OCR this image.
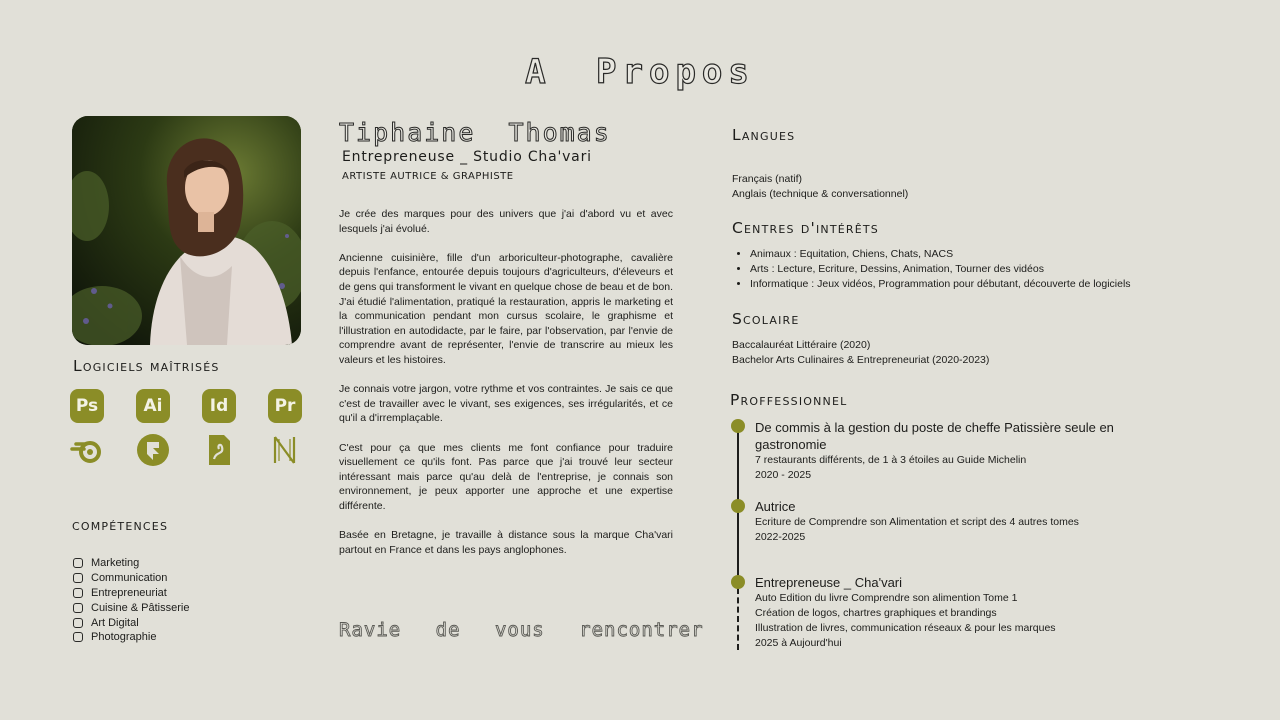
A Propos
Logiciels maîtrisés
Ps	Ai	Id	Pr
compétences
Marketing
Communication
Entrepreneuriat
Cuisine & Pâtisserie
Art Digital
Photographie
Tiphaine Thomas
Entrepreneuse _ Studio Cha'vari
ARTISTE AUTRICE & GRAPHISTE

Je crée des marques pour des univers que j'ai d'abord vu et avec lesquels j'ai évolué.

Ancienne cuisinière, fille d'un arboriculteur-photographe, cavalière depuis l'enfance, entourée depuis toujours d'agriculteurs, d'éleveurs et de gens qui transforment le vivant en quelque chose de beau et de bon. J'ai étudié l'alimentation, pratiqué la restauration, appris le marketing et la communication pendant mon cursus scolaire, le graphisme et l'illustration en autodidacte, par le faire, par l'observation, par l'envie de comprendre avant de représenter, l'envie de transcrire au mieux les valeurs et les histoires.

Je connais votre jargon, votre rythme et vos contraintes. Je sais ce que c'est de travailler avec le vivant, ses exigences, ses irrégularités, et ce qu'il a d'irremplaçable.

C'est pour ça que mes clients me font confiance pour traduire visuellement ce qu'ils font. Pas parce que j'ai trouvé leur secteur intéressant mais parce qu'au delà de l'entreprise, je connais son environnement, je peux apporter une approche et une expertise différente.

Basée en Bretagne, je travaille à distance sous la marque Cha'vari partout en France et dans les pays anglophones.

Ravie de vous rencontrer
Langues
Français (natif)
Anglais (technique & conversationnel)
Centres d'intérêts
• Animaux : Equitation, Chiens, Chats, NACS
• Arts : Lecture, Ecriture, Dessins, Animation, Tourner des vidéos
• Informatique : Jeux vidéos, Programmation pour débutant, découverte de logiciels
Scolaire
Baccalauréat Littéraire (2020)
Bachelor Arts Culinaires & Entrepreneuriat (2020-2023)
Proffessionnel
De commis à la gestion du poste de cheffe Patissière seule en gastronomie
7 restaurants différents, de 1 à 3 étoiles au Guide Michelin
2020 - 2025
Autrice
Ecriture de Comprendre son Alimentation et script des 4 autres tomes
2022-2025
Entrepreneuse _ Cha'vari
Auto Edition du livre Comprendre son alimention Tome 1
Création de logos, chartres graphiques et brandings
Illustration de livres, communication réseaux & pour les marques
2025 à Aujourd'hui
